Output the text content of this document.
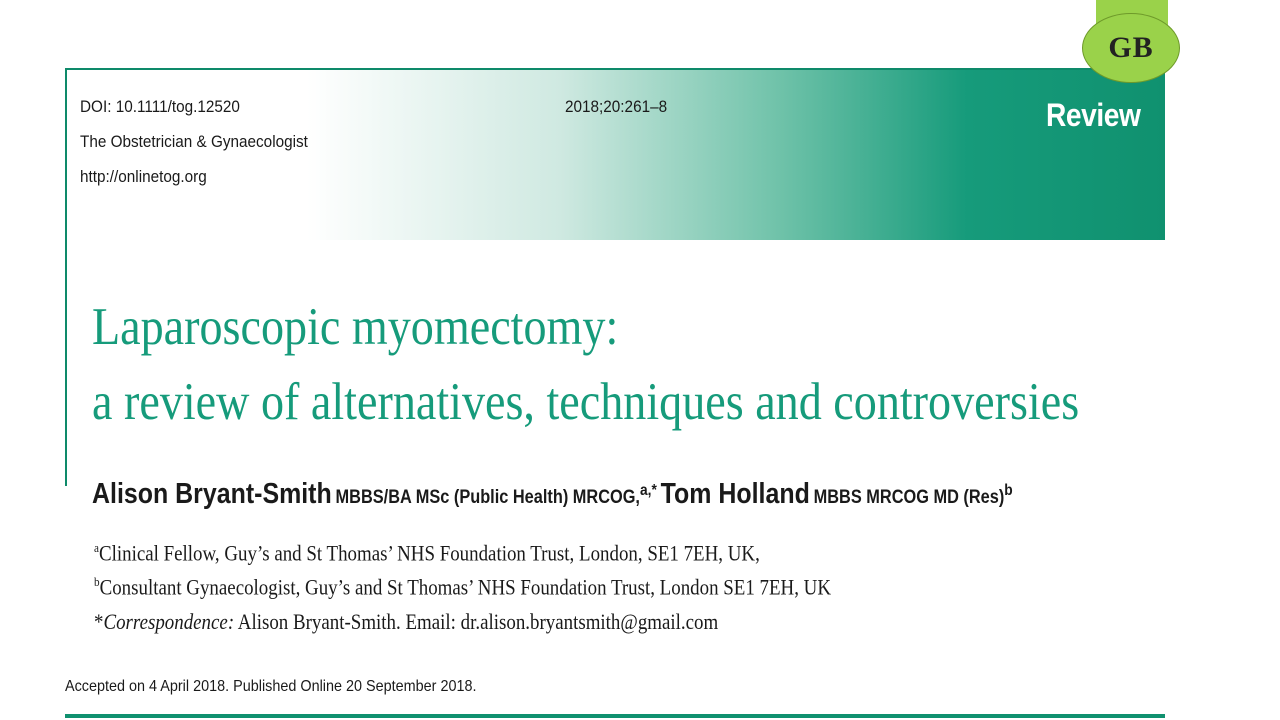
DOI: 10.1111/tog.12520
The Obstetrician & Gynaecologist
http://onlinetog.org
2018;20:261–8	Review
Laparoscopic myomectomy:
a review of alternatives, techniques and controversies
Alison Bryant-Smith MBBS/BA MSc (Public Health) MRCOG,$^{a,*}$ Tom Holland MBBS MRCOG MD (Res)$^b$
$^a$Clinical Fellow, Guy’s and St Thomas’ NHS Foundation Trust, London, SE1 7EH, UK,
$^b$Consultant Gynaecologist, Guy’s and St Thomas’ NHS Foundation Trust, London SE1 7EH, UK
*Correspondence: Alison Bryant-Smith. Email: dr.alison.bryantsmith@gmail.com
Accepted on 4 April 2018. Published Online 20 September 2018.
GB
